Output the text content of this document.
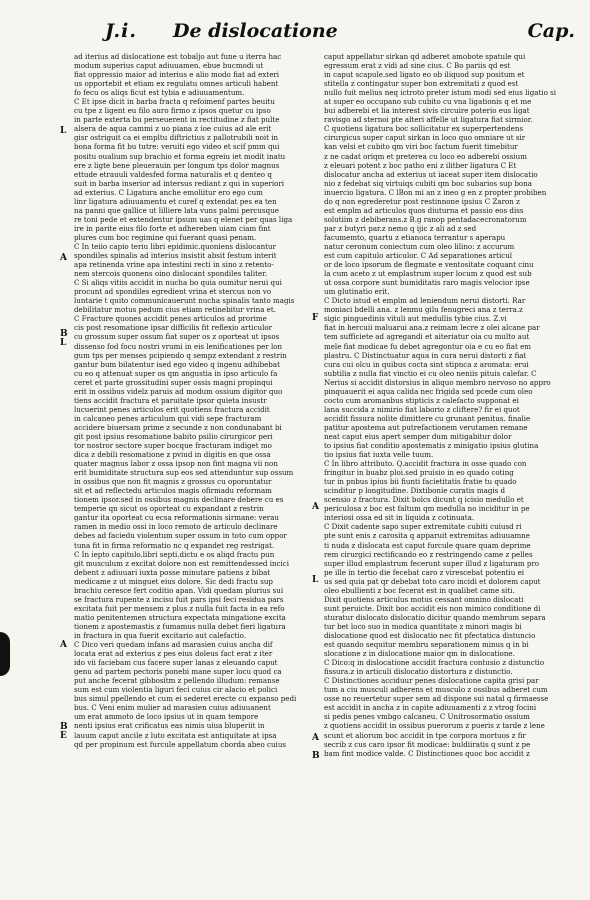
J.i. De dislocatione	Cap.
L
A
B
L
A
B
E
F
A
L
A
B
ad iterius ad dislocatione est tobaljo aut fune u iterra hac
modum superius caput adiuuamen. ebue bucmodi ut
fiat oppressio maior ad interius e alio modo fiat ad exteri
us opportebit et etiam ex regulatu omnes articuli habent
fo fecu os aliqs ficut est tybia e adiuuamentum.
C Et ipse dicit in barba fracta q refoimenf partes beuitu
cu tpe z ligent eu filo auro firmo z ipsos quetur cu ipso
in parte exterta bu perseuerent in rectitudine z fiat pulte
alsera de aqua cammi z uo piana z ioe cuius ad ale erit
gisr ostriguit ca ei empltu diftrictius z pallotrubili noit in
bona forma fit bu tutre: veruiti ego video et scif pmm qui
positu oualium sup brachio et forma egreiu iet modit inatu
ere z ligte bene pleuerauin per longum tps dolor magnus
ettude etrauuli valdesfed forma naturalis et q denteo q
suit in barba inserior ad intersus rediant z qui in superiori
ad exterius. C Ligatura anche emoliitur ero ego cum
linr ligatura adiuuamentu et curef q extendat pes ea ten
na panni que gallice ut lilliere lata vuns palmi percusque
re toni pede et extendentur ipsum uas q elenet per quas liga
ire in parite eius filo forte et adhereben uiam ciam fint
plures cum boc regimine qui fuerant quasi penam.
C In teiio capio teriu libri epidimic.quoniens dislocantur
spondiles spinalis ad interius insistit absit festum interit
apa retinenda vrine apa intestini recti in sino z retento-
nem stercois quonens oino dislocant spondiles taliter.
C Si aliqs vitiis accidit in nucha bo quia oumitur nerui qui
procunt ad spondiles egredient vrina et stercus non vo
luntarie t quito communicauerunt nucha spinalis tanto magis
debilitatur motus pedum cius etiam retinebitur vrina et.
C Fracture quones accidit penes articulos ad prorime
cis post resomatione ipsar difficilis fit reflexio articulor
cu grossum super ossum fiat super os z oporteat ut ipsos
dissenso fod focu nostri vrumi in eis lenificationes per lon
gum tps per menses pcipiendo q sempz extendant z restrin
gantur bum bilatentur ised ego video q ingenu adhibebat
cu eo q attenuat super os qm angustia in ipso articulo fa
ceret et parte grossitudini super ossis magni propinqui
erit in ossibus videlz paruis ad modum ossium digitor quo
tiens accidit fractura et paruitate ipsor quieta insustr
lucuerint penes articulos erit quotiens fractura accidit
in calcaneo penes articulum qui vidi sepe fracturam
accidere biuersam prime z secunde z non condunabant bi
git post ipsius resomatione babito psilio cirurgicor peri
tor nostror sectore super bocque fracturam indiget mo
dica z debili resomatione z pviud in digitis en que ossa
quater magnus labor z ossa ipsop non fint magna vii non
erit bumiditate structura sup eos sed attenduntur sup ossum
in ossibus que non fit magnis z grossus cu oporuntatur
sit et ad reflectedu articulos magis ofirmadu reformam
tionem ipsor.sed in ossibus magnis declinare debere cu es
temperie qn sicut os oporteat cu expandant z restrin
gantur ita oporteat cu ecsa reformationis sirmane: verau
ramen in medio ossi in loco remoto de articulo declinare
debes ad faciedu violentum super ossum in toto cum oppor
tuna fit in firma reformatio nc q expandet reg restrigat.
C In iepto capitulo.libri septi.dictu e os aliqd fractu pun
git musculum z excitat dolore non est remittendessed incici
debent z adiuuari iuxta posse minutare patiens z bibat
medicame z ut minguet eius dolore. Sic dedi fractu sup
brachiu ceresce fert coditio apan. Vidi quedam plurius sui
se fractura rupente z incisu fuit pars ipsi feci residua pars
excitata fuit per mensem z plus z nulla fuit facta in ea refo
matio penitentemen structura expectata mingatione excita
tionem z apostemastis z fumamus nulla debet fieri ligatura
in fractura in qua fuerit excitario aut calefactio.
C Dico veri quedam infans ad marasien cuius ancha dif
locata erat ad exterius z pes eius doleus fact erat z iter
ido vii faciebam cus facere super lanas z eleuando caput
genu ad partem pectoris ponebi mane super locu quod ca
put anche fecerat gibbositm z pellendo illudum: remanse
sum est cum violentia liguri feci cuius cir alacio et polici
bus simul ppellendo et cum ei sederet erecte cu expanso pedi
bus. C Veni enim mulier ad marasien cuius adiuuanent
um erat ammoto de loco ipsius ut in quam tempore
nenti ipsius erat crificatus eas nimis uiua bluperiit in
lauum caput ancile z luto excitata est antiquitate at ipsa
qd per propinum est furcule appellatum cborda abeo cuius
caput appellatur sirkan qd adberet amobote spatule qui
egressum erat z vidi ad sine cius. C Bo pariis qd est
in caput scapule.sed ligato eo ob iliquod sup positum et
stitella z contingatur super bon extremitati z quod est
nullo fuit melius neq ictroto preter istum modi sed eius ligatio si
at super eo occupano sub cubito cu vna ligationis q et me
bui adberebi et lia interest sivis circuire poterio eus ligat
ravisgo ad sternoi pte alteri affelle ut ligatura fiat sirmior.
C quotiens ligatura boc sollicitatur ex superpertendens
cirurgicus super caput sirkan in loco quo omniare ut sir
kan velsi et cubito qm viri boc factum fuerit timebitur
z ne cadat oriqm et preterea cu loco eo adberebi ossium
z eleuari potent z boc patho eni z ilitber ligatura C Et
dislocatur ancha ad exterius ut iaceat super item dislocatio
nio z fedebat siq virtuiqs cubiti qm boc subarios sup bona
inuercio ligatura. C lBon mi an z ineo g en z propter probiben
do q non egrederetur post restinnone ipsius C Zaron z
est emplm ad articulos quos diuturna et passio eos diss
solutiim z debiberans.z B.g ranop pentadacecronatorum
par z butyri par.z nemo q ijic z ali ad z sed
facumemto, quartu z etianoca terrantur s aperapu
natur ceronum coniectum cum oleo lilino: z accurum
est cum capitulo articulor. C Ad separationes articul
or de loco ipsorum de flegmate e ventositate coquant cinu
la cum aceto z ut emplastrum super locum z quod est sub
ut ossa corpore sunt bumiditatis raro magis velocior ipse
um glutinatio erit.
C Dicto istud et emplm ad leniendum nerui distorti. Rar
moniaci bdelli ana. z lenmu gilu fenugreci ana z terra.z
sigic pinguedinis vituli aut medullis tybie cius. Z.vi
fiat in hercuii maluarui ana.z reimam lecre z olei alcane par
tem sufficiete ad agregandi et aiteriatur oia cu multo aut
mele fiat modicae fu debet agregontur oia e cu eo fiat em
plastru. C Distinctuatur aqua in cura nerui distorti z fiat
cura cui olcu in quibus cocta sint stipnca z aromata: erui
subtilia z nulla fiat vinctio ei cu oleo neniis pituis calefar. C
Nerius si accidit distorsius in aliquo membro nervoso no appro
pinquauerit ei aqua calida nec frigida sed pcede cum oleo
cocto cum aromanbus stipticis z calefacto supponat ei
lana succida z nimirio fiat laborio z cliftere? fir ei quot
accidit fissura nolite dimittere cu grunant penitus. finalie
patitur apostema aut putrefactionem verutamen remane
neat caput eius apert semper dum mitigabitur dolor
to ipsius fiat conditio apostematis z minigatio ipsius glutina
tio ipsius fiat iuxta velle tuum.
C In libro attributo. Q.accidit fractura in osse quado con
fringitur in buabz ploi.sed pruisio in eo quado coting
tur in pnbus ipius bii fiunti facietitatis fratie tu quado
scinditur p longitudine. Dixtibonie curatis magis d
scensio z fractura. Dixit bolcs dicunt q icisio medullo et
periculosa z boc est faltum qm medulla no inciditur in pe
interiosi ossa ed sit in liquida z cotinuata.
C Dixit cadente sapo super extremitate cubiti cuiusd ri
pte sunt enis z carosita q apparuit extremitas adiuuamne
ti nuda z dislocata est caput furcule quare quam deprime
rem cirurgici rectificando eo z restringendo came z pelles
super illud emplastrum fecerunt super illud z ligaturam pro
pe ille in tertio die fecebat caro z virescebat potentiu ei
us sed quia pat qr debebat toto caro incidi et dolorem caput
oleo ebullienti z boc fecerat est in qualibet came siti.
Dixit quotiens articulus motus cessant omnino dislocati
sunt peruicte. Dixit boc accidit eis non mimico conditione di
sturatur dislocato dislocatio dicitur quando membrum separa
tur bet loco suo in modica quantitate z minori magis bi
dislocatione quod est dislocatio nec fit pfectatica distuncio
est quando sequitur membru separationem minus q in bi
slocatione z in dislocatione maior qm in dislocatione.
C Dico:q in dislocatione accidit fractura contusio z distunctio
fissura.z in articuli dislocatio distortura z distunctio.
C Distinctiones acciduur penes dislocatione capita grisi par
tum a ciu musculi adberens et musculo z ossibus adberet cum
osse no reuertetur super sem ad dispone sui natal q firmaesse
est accidit in ancha z in capite adiuuamenti z z vtrog focini
si pedis penes vmbgo calcaneu. C Unitrosormatio ossium
z quotiens accidit in ossibus puerorum z pueris z tarde z lene
scunt et aliorum boc accidit in tpe corpora mortuos z fir
secrib z cus caro ipsor fit modicae: buldiiratis q sunt z pe
bam fint modice valde. C Distinctiones quoc boc accidit z
